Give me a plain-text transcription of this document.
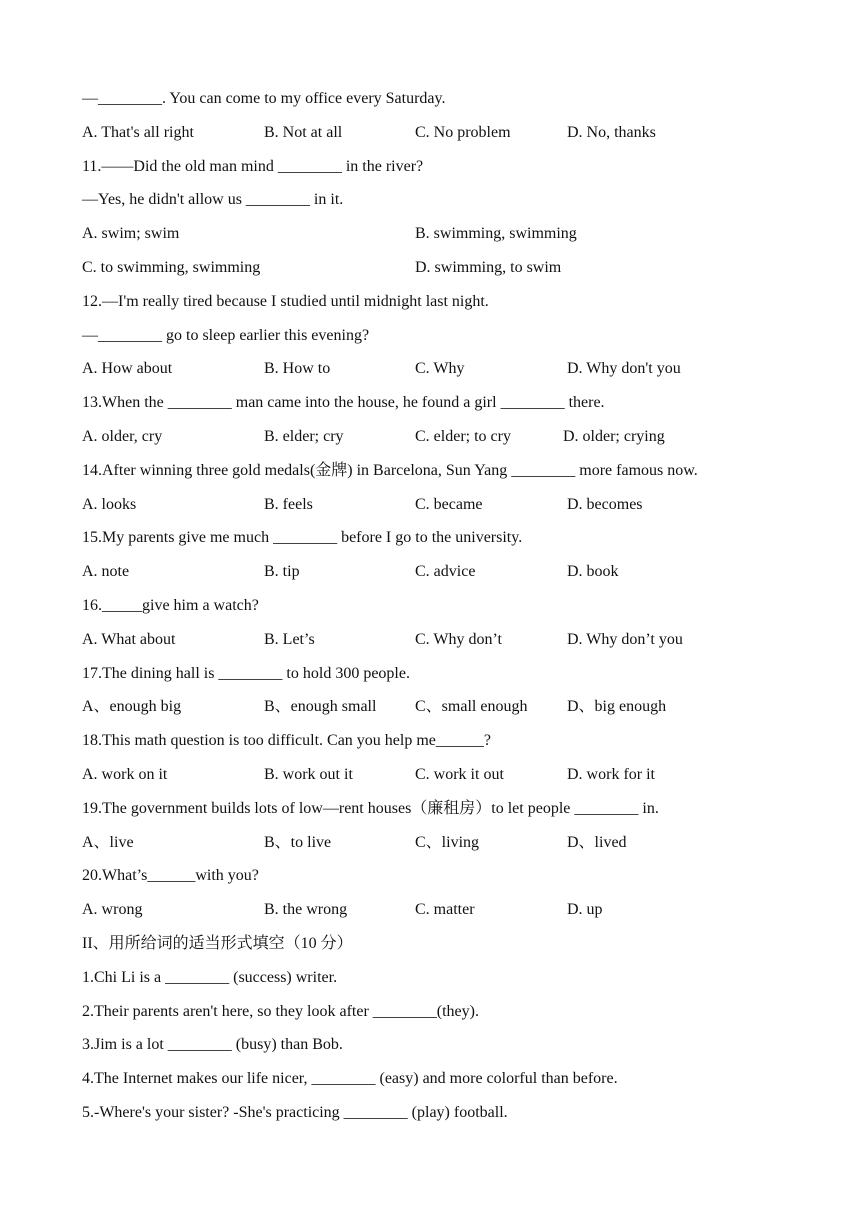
—________. You can come to my office every Saturday.
A. That's all right	B. Not at all	C. No problem	D. No, thanks
11.——Did the old man mind ________ in the river?
—Yes, he didn't allow us ________ in it.
A. swim; swim	B. swimming, swimming
C. to swimming, swimming	D. swimming, to swim
12.—I'm really tired because I studied until midnight last night.
—________ go to sleep earlier this evening?
A. How about	B. How to	C. Why	D. Why don't you
13.When the ________ man came into the house, he found a girl ________ there.
A. older, cry	B. elder; cry	C. elder; to cry	D. older; crying
14.After winning three gold medals(金牌) in Barcelona, Sun Yang ________ more famous now.
A. looks	B. feels	C. became	D. becomes
15.My parents give me much ________ before I go to the university.
A. note	B. tip	C. advice	D. book
16._____give him a watch?
A. What about	B. Let’s	C. Why don’t	D. Why don’t you
17.The dining hall is ________ to hold 300 people.
A、enough big	B、enough small C、small enough D、big enough
18.This math question is too difficult. Can you help me______?
A. work on it	B. work out it	C. work it out	D. work for it
19.The government builds lots of low—rent houses（廉租房）to let people ________ in.
A、live	B、to live	C、living	D、lived
20.What’s______with you?
A. wrong	B. the wrong	C. matter	D. up
II、用所给词的适当形式填空（10 分）
1.Chi Li is a ________ (success) writer.
2.Their parents aren't here, so they look after ________(they).
3.Jim is a lot ________ (busy) than Bob.
4.The Internet makes our life nicer, ________ (easy) and more colorful than before.
5.-Where's your sister? -She's practicing ________ (play) football.
